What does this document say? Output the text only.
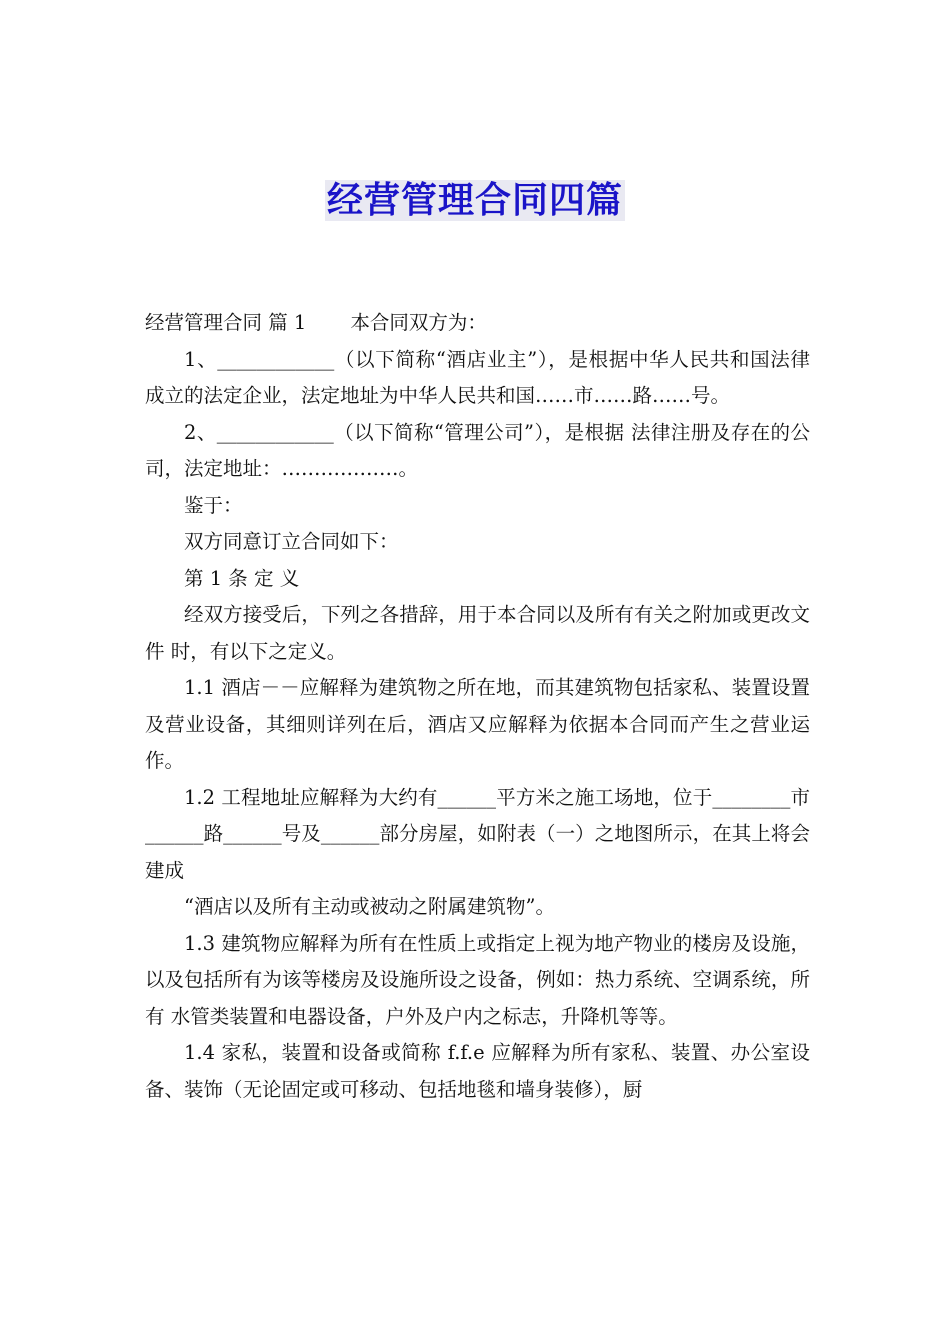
经营管理合同四篇

经营管理合同 篇 1 本合同双方为：

1、____________（以下简称“酒店业主”），是根据中华人民共和国法律成立的法定企业，法定地址为中华人民共和国……市……路……号。

2、____________（以下简称“管理公司”），是根据 法律注册及存在的公司，法定地址：………………。

鉴于：

双方同意订立合同如下：

第 1 条 定 义

经双方接受后，下列之各措辞，用于本合同以及所有有关之附加或更改文件 时，有以下之定义。

1.1 酒店－－应解释为建筑物之所在地，而其建筑物包括家私、装置设置及营业设备，其细则详列在后，酒店又应解释为依据本合同而产生之营业运作。

1.2 工程地址应解释为大约有______平方米之施工场地，位于________市______路______号及______部分房屋，如附表（一）之地图所示，在其上将会建成

“酒店以及所有主动或被动之附属建筑物”。

1.3 建筑物应解释为所有在性质上或指定上视为地产物业的楼房及设施，以及包括所有为该等楼房及设施所设之设备，例如：热力系统、空调系统，所有 水管类装置和电器设备，户外及户内之标志，升降机等等。

1.4 家私，装置和设备或简称 f.f.e 应解释为所有家私、装置、办公室设备、装饰（无论固定或可移动、包括地毯和墙身装修），厨
